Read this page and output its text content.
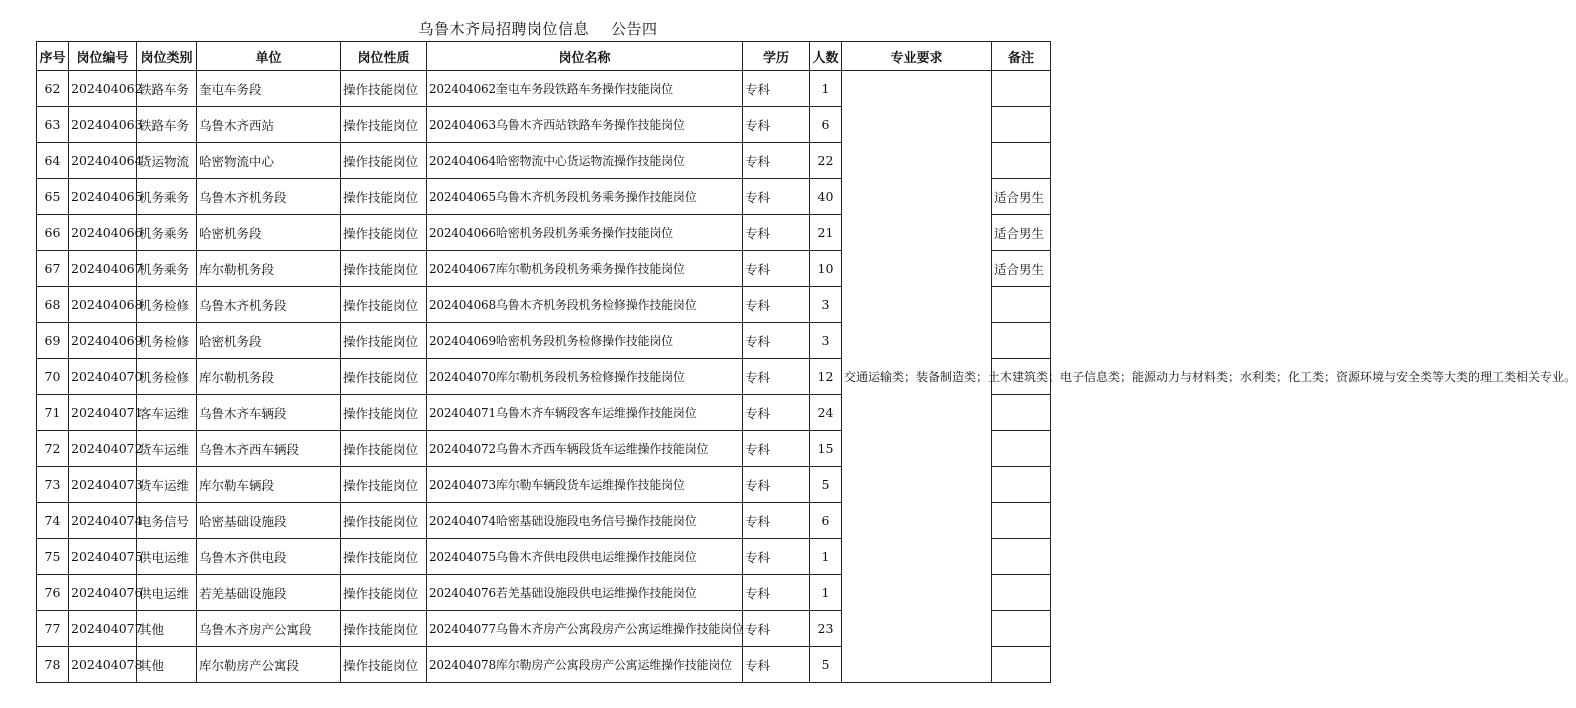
乌鲁木齐局招聘岗位信息 公告四
序号	岗位编号	岗位类别	单位	岗位性质	岗位名称	学历	人数	专业要求	备注
62	202404062	铁路车务	奎屯车务段	操作技能岗位	202404062奎屯车务段铁路车务操作技能岗位	专科	1	交通运输类；装备制造类；土木建筑类；电子信息类；能源动力与材料类；水利类；化工类；资源环境与安全类等大类的理工类相关专业。	
63	202404063	铁路车务	乌鲁木齐西站	操作技能岗位	202404063乌鲁木齐西站铁路车务操作技能岗位	专科	6		
64	202404064	货运物流	哈密物流中心	操作技能岗位	202404064哈密物流中心货运物流操作技能岗位	专科	22		
65	202404065	机务乘务	乌鲁木齐机务段	操作技能岗位	202404065乌鲁木齐机务段机务乘务操作技能岗位	专科	40		适合男生
66	202404066	机务乘务	哈密机务段	操作技能岗位	202404066哈密机务段机务乘务操作技能岗位	专科	21		适合男生
67	202404067	机务乘务	库尔勒机务段	操作技能岗位	202404067库尔勒机务段机务乘务操作技能岗位	专科	10		适合男生
68	202404068	机务检修	乌鲁木齐机务段	操作技能岗位	202404068乌鲁木齐机务段机务检修操作技能岗位	专科	3		
69	202404069	机务检修	哈密机务段	操作技能岗位	202404069哈密机务段机务检修操作技能岗位	专科	3		
70	202404070	机务检修	库尔勒机务段	操作技能岗位	202404070库尔勒机务段机务检修操作技能岗位	专科	12		
71	202404071	客车运维	乌鲁木齐车辆段	操作技能岗位	202404071乌鲁木齐车辆段客车运维操作技能岗位	专科	24		
72	202404072	货车运维	乌鲁木齐西车辆段	操作技能岗位	202404072乌鲁木齐西车辆段货车运维操作技能岗位	专科	15		
73	202404073	货车运维	库尔勒车辆段	操作技能岗位	202404073库尔勒车辆段货车运维操作技能岗位	专科	5		
74	202404074	电务信号	哈密基础设施段	操作技能岗位	202404074哈密基础设施段电务信号操作技能岗位	专科	6		
75	202404075	供电运维	乌鲁木齐供电段	操作技能岗位	202404075乌鲁木齐供电段供电运维操作技能岗位	专科	1		
76	202404076	供电运维	若羌基础设施段	操作技能岗位	202404076若羌基础设施段供电运维操作技能岗位	专科	1		
77	202404077	其他	乌鲁木齐房产公寓段	操作技能岗位	202404077乌鲁木齐房产公寓段房产公寓运维操作技能岗位	专科	23		
78	202404078	其他	库尔勒房产公寓段	操作技能岗位	202404078库尔勒房产公寓段房产公寓运维操作技能岗位	专科	5		
